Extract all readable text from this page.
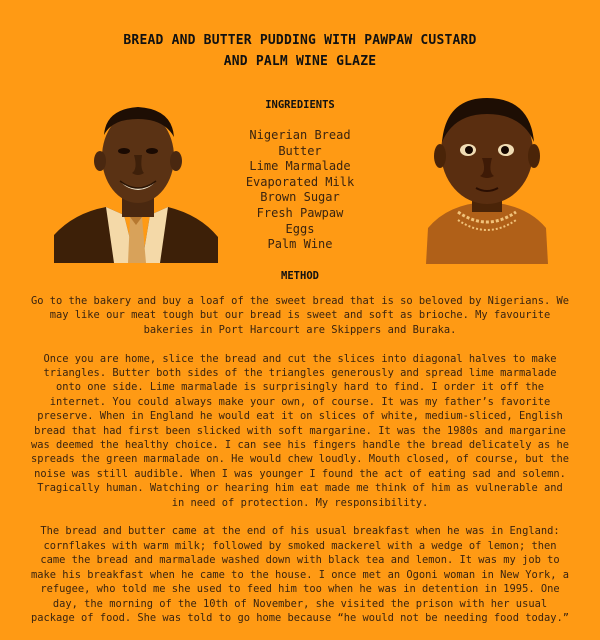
BREAD AND BUTTER PUDDING WITH PAWPAW CUSTARD
AND PALM WINE GLAZE
INGREDIENTS
Nigerian Bread
Butter
Lime Marmalade
Evaporated Milk
Brown Sugar
Fresh Pawpaw
Eggs
Palm Wine
METHOD

Go to the bakery and buy a loaf of the sweet bread that is so beloved by Nigerians. We may like our meat tough but our bread is sweet and soft as brioche. My favourite bakeries in Port Harcourt are Skippers and Buraka.

Once you are home, slice the bread and cut the slices into diagonal halves to make triangles. Butter both sides of the triangles generously and spread lime marmalade onto one side. Lime marmalade is surprisingly hard to find. I order it off the internet. You could always make your own, of course. It was my father’s favorite preserve. When in England he would eat it on slices of white, medium-sliced, English bread that had first been slicked with soft margarine. It was the 1980s and margarine was deemed the healthy choice. I can see his fingers handle the bread delicately as he spreads the green marmalade on. He would chew loudly. Mouth closed, of course, but the noise was still audible. When I was younger I found the act of eating sad and solemn. Tragically human. Watching or hearing him eat made me think of him as vulnerable and in need of protection. My responsibility.

The bread and butter came at the end of his usual breakfast when he was in England: cornflakes with warm milk; followed by smoked mackerel with a wedge of lemon; then came the bread and marmalade washed down with black tea and lemon. It was my job to make his breakfast when he came to the house. I once met an Ogoni woman in New York, a refugee, who told me she used to feed him too when he was in detention in 1995. One day, the morning of the 10th of November, she visited the prison with her usual package of food. She was told to go home because “he would not be needing food today.”
